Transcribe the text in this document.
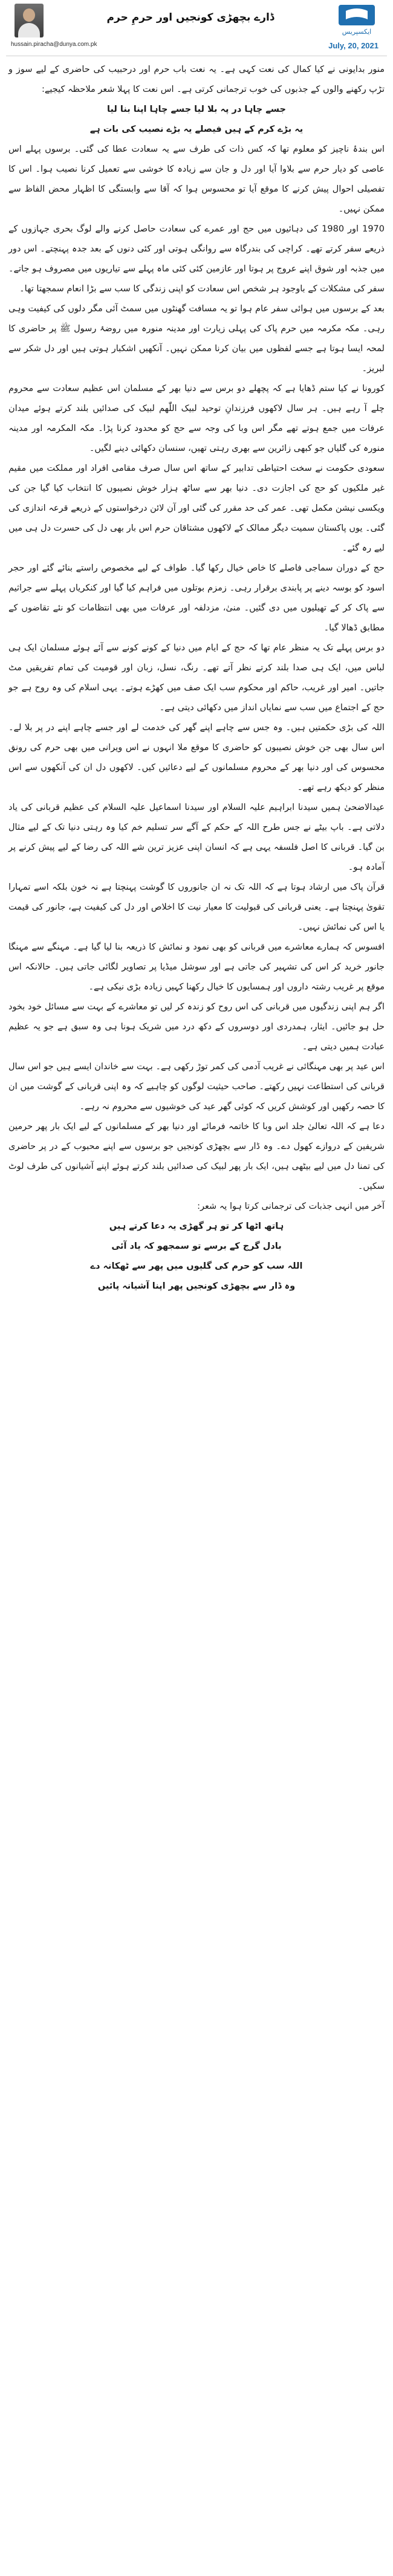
ڈارے بچھڑی کونجیں اور حرمِ حرم
ایکسپریس
hussain.piracha@dunya.com.pk	July, 20, 2021

منور بدایونی نے کیا کمال کی نعت کہی ہے۔ یہ نعت باب حرم اور درحبیب کی حاضری کے لیے سوز و تڑپ رکھنے والوں کے جذبوں کی خوب ترجمانی کرتی ہے۔ اس نعت کا پہلا شعر ملاحظہ کیجیے:

جسے چاہا در پہ بلا لیا جسے چاہا اپنا بنا لیا

یہ بڑے کرم کے ہیں فیصلے یہ بڑے نصیب کی بات ہے

اس بندۂ ناچیز کو معلوم تھا کہ کس ذات کی طرف سے یہ سعادت عطا کی گئی۔ برسوں پہلے اس عاصی کو دیار حرم سے بلاوا آیا اور دل و جان سے زیادہ کا خوشی سے تعمیل کرنا نصیب ہوا۔ اس کا تفصیلی احوال پیش کرنے کا موقع آیا تو محسوس ہوا کہ آقا سے وابستگی کا اظہار محض الفاظ سے ممکن نہیں۔

1970 اور 1980 کی دہائیوں میں حج اور عمرے کی سعادت حاصل کرنے والے لوگ بحری جہازوں کے ذریعے سفر کرتے تھے۔ کراچی کی بندرگاہ سے روانگی ہوتی اور کئی دنوں کے بعد جدہ پہنچتے۔ اس دور میں جذبہ اور شوق اپنے عروج پر ہوتا اور عازمین کئی کئی ماہ پہلے سے تیاریوں میں مصروف ہو جاتے۔ سفر کی مشکلات کے باوجود ہر شخص اس سعادت کو اپنی زندگی کا سب سے بڑا انعام سمجھتا تھا۔

بعد کے برسوں میں ہوائی سفر عام ہوا تو یہ مسافت گھنٹوں میں سمٹ آئی مگر دلوں کی کیفیت وہی رہی۔ مکہ مکرمہ میں حرم پاک کی پہلی زیارت اور مدینہ منورہ میں روضۂ رسول ﷺ پر حاضری کا لمحہ ایسا ہوتا ہے جسے لفظوں میں بیان کرنا ممکن نہیں۔ آنکھیں اشکبار ہوتی ہیں اور دل شکر سے لبریز۔

کورونا نے کیا ستم ڈھایا ہے کہ پچھلے دو برس سے دنیا بھر کے مسلمان اس عظیم سعادت سے محروم چلے آ رہے ہیں۔ ہر سال لاکھوں فرزندانِ توحید لبیک اللّٰھم لبیک کی صدائیں بلند کرتے ہوئے میدان عرفات میں جمع ہوتے تھے مگر اس وبا کی وجہ سے حج کو محدود کرنا پڑا۔ مکہ المکرمہ اور مدینہ منورہ کی گلیاں جو کبھی زائرین سے بھری رہتی تھیں، سنسان دکھائی دینے لگیں۔

سعودی حکومت نے سخت احتیاطی تدابیر کے ساتھ اس سال صرف مقامی افراد اور مملکت میں مقیم غیر ملکیوں کو حج کی اجازت دی۔ دنیا بھر سے ساٹھ ہزار خوش نصیبوں کا انتخاب کیا گیا جن کی ویکسی نیشن مکمل تھی۔ عمر کی حد مقرر کی گئی اور آن لائن درخواستوں کے ذریعے قرعہ اندازی کی گئی۔ یوں پاکستان سمیت دیگر ممالک کے لاکھوں مشتاقان حرم اس بار بھی دل کی حسرت دل ہی میں لیے رہ گئے۔

حج کے دوران سماجی فاصلے کا خاص خیال رکھا گیا۔ طواف کے لیے مخصوص راستے بنائے گئے اور حجر اسود کو بوسہ دینے پر پابندی برقرار رہی۔ زمزم بوتلوں میں فراہم کیا گیا اور کنکریاں پہلے سے جراثیم سے پاک کر کے تھیلیوں میں دی گئیں۔ منیٰ، مزدلفہ اور عرفات میں بھی انتظامات کو نئے تقاضوں کے مطابق ڈھالا گیا۔

دو برس پہلے تک یہ منظر عام تھا کہ حج کے ایام میں دنیا کے کونے کونے سے آئے ہوئے مسلمان ایک ہی لباس میں، ایک ہی صدا بلند کرتے نظر آتے تھے۔ رنگ، نسل، زبان اور قومیت کی تمام تفریقیں مٹ جاتیں۔ امیر اور غریب، حاکم اور محکوم سب ایک صف میں کھڑے ہوتے۔ یہی اسلام کی وہ روح ہے جو حج کے اجتماع میں سب سے نمایاں انداز میں دکھائی دیتی ہے۔

اللہ کی بڑی حکمتیں ہیں۔ وہ جس سے چاہے اپنے گھر کی خدمت لے اور جسے چاہے اپنے در پر بلا لے۔ اس سال بھی جن خوش نصیبوں کو حاضری کا موقع ملا انہوں نے اس ویرانی میں بھی حرم کی رونق محسوس کی اور دنیا بھر کے محروم مسلمانوں کے لیے دعائیں کیں۔ لاکھوں دل ان کی آنکھوں سے اس منظر کو دیکھ رہے تھے۔

عیدالاضحیٰ ہمیں سیدنا ابراہیم علیہ السلام اور سیدنا اسماعیل علیہ السلام کی عظیم قربانی کی یاد دلاتی ہے۔ باپ بیٹے نے جس طرح اللہ کے حکم کے آگے سر تسلیم خم کیا وہ رہتی دنیا تک کے لیے مثال بن گیا۔ قربانی کا اصل فلسفہ یہی ہے کہ انسان اپنی عزیز ترین شے اللہ کی رضا کے لیے پیش کرنے پر آمادہ ہو۔

قرآن پاک میں ارشاد ہوتا ہے کہ اللہ تک نہ ان جانوروں کا گوشت پہنچتا ہے نہ خون بلکہ اسے تمہارا تقویٰ پہنچتا ہے۔ یعنی قربانی کی قبولیت کا معیار نیت کا اخلاص اور دل کی کیفیت ہے، جانور کی قیمت یا اس کی نمائش نہیں۔

افسوس کہ ہمارے معاشرے میں قربانی کو بھی نمود و نمائش کا ذریعہ بنا لیا گیا ہے۔ مہنگے سے مہنگا جانور خرید کر اس کی تشہیر کی جاتی ہے اور سوشل میڈیا پر تصاویر لگائی جاتی ہیں۔ حالانکہ اس موقع پر غریب رشتہ داروں اور ہمسایوں کا خیال رکھنا کہیں زیادہ بڑی نیکی ہے۔

اگر ہم اپنی زندگیوں میں قربانی کی اس روح کو زندہ کر لیں تو معاشرے کے بہت سے مسائل خود بخود حل ہو جائیں۔ ایثار، ہمدردی اور دوسروں کے دکھ درد میں شریک ہونا ہی وہ سبق ہے جو یہ عظیم عبادت ہمیں دیتی ہے۔

اس عید پر بھی مہنگائی نے غریب آدمی کی کمر توڑ رکھی ہے۔ بہت سے خاندان ایسے ہیں جو اس سال قربانی کی استطاعت نہیں رکھتے۔ صاحب حیثیت لوگوں کو چاہیے کہ وہ اپنی قربانی کے گوشت میں ان کا حصہ رکھیں اور کوشش کریں کہ کوئی گھر عید کی خوشیوں سے محروم نہ رہے۔

دعا ہے کہ اللہ تعالیٰ جلد اس وبا کا خاتمہ فرمائے اور دنیا بھر کے مسلمانوں کے لیے ایک بار پھر حرمین شریفین کے دروازے کھول دے۔ وہ ڈار سے بچھڑی کونجیں جو برسوں سے اپنے محبوب کے در پر حاضری کی تمنا دل میں لیے بیٹھی ہیں، ایک بار پھر لبیک کی صدائیں بلند کرتے ہوئے اپنے آشیانوں کی طرف لوٹ سکیں۔

آخر میں انہی جذبات کی ترجمانی کرتا ہوا یہ شعر:

ہاتھ اٹھا کر تو ہر گھڑی یہ دعا کرتے ہیں

بادل گرج کے برسے تو سمجھو کہ یاد آئی

اللہ سب کو حرم کی گلیوں میں پھر سے ٹھکانہ دے

وہ ڈار سے بچھڑی کونجیں پھر اپنا آشیانہ پائیں
